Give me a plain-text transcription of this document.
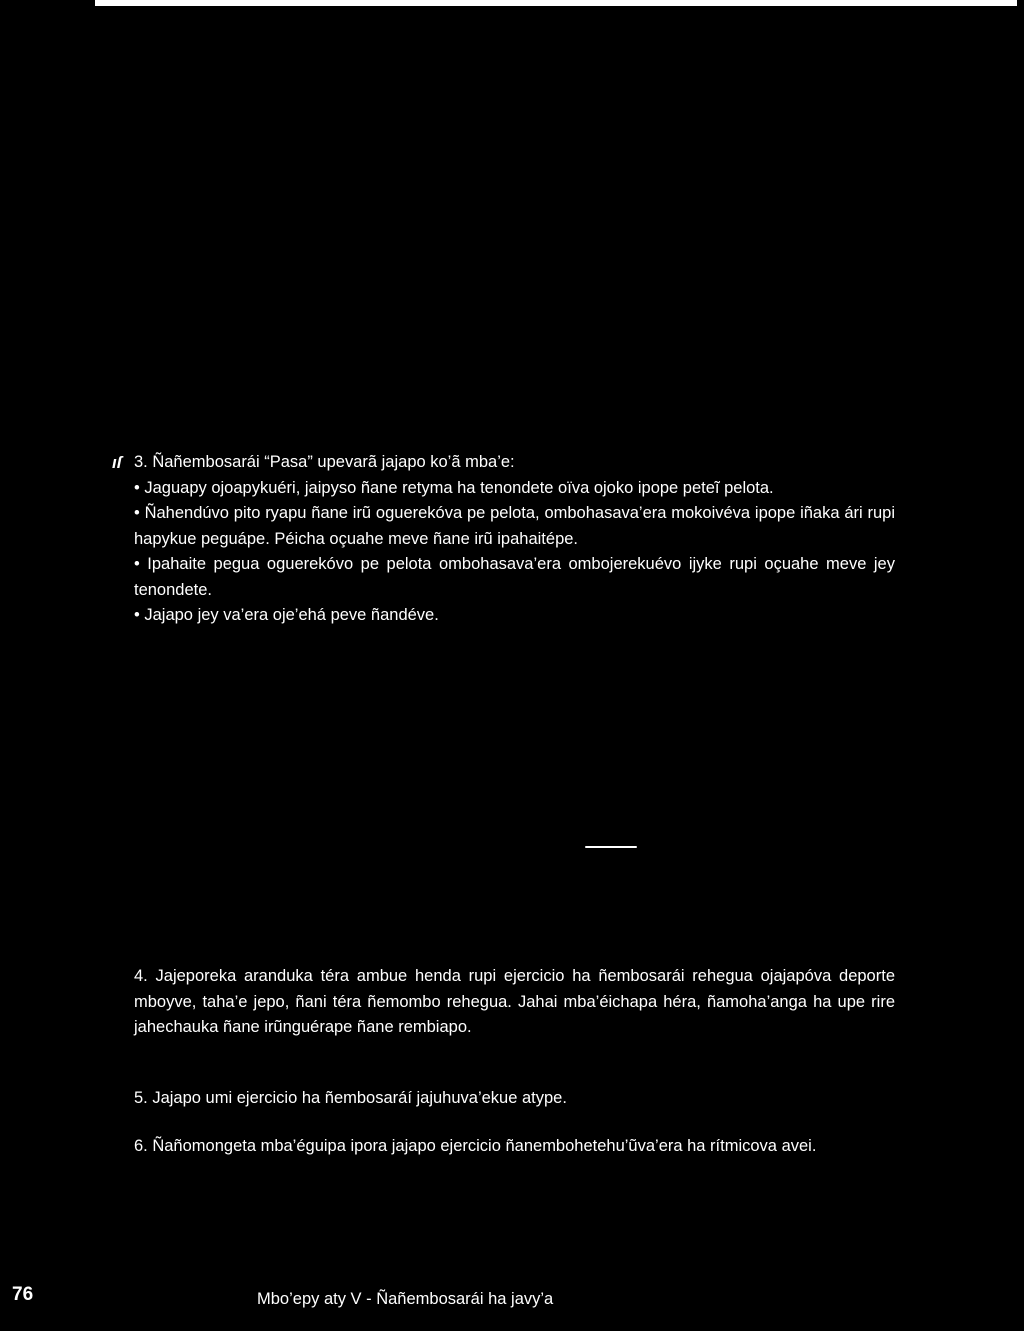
ıſ 3. Ñañembosarái “Pasa” upevarã jajapo ko’ã mba’e:
• Jaguapy ojoapykuéri, jaipyso ñane retyma ha tenondete oïva ojoko ipope peteĩ pelota.
• Ñahendúvo pito ryapu ñane irũ oguerekóva pe pelota, ombohasava’era mokoivéva ipope iñaka ári rupi hapykue peguápe. Péicha oçuahe meve ñane irũ ipahaitépe.
• Ipahaite pegua oguerekóvo pe pelota ombohasava’era ombojerekuévo ijyke rupi oçuahe meve jey tenondete.
• Jajapo jey va’era oje’ehá peve ñandéve.
4. Jajeporeka aranduka téra ambue henda rupi ejercicio ha ñembosarái rehegua ojajapóva deporte mboyve, taha’e jepo, ñani téra ñemombo rehegua. Jahai mba’éichapa héra, ñamoha’anga ha upe rire jahechauka ñane irũnguérape ñane rembiapo.
5. Jajapo umi ejercicio ha ñembosaráí jajuhuva’ekue atype.
6. Ñañomongeta mba’éguipa ipora jajapo ejercicio ñanembohetehu’ũva’era ha rítmicova avei.
76	Mbo’epy aty V - Ñañembosarái ha javy’a
